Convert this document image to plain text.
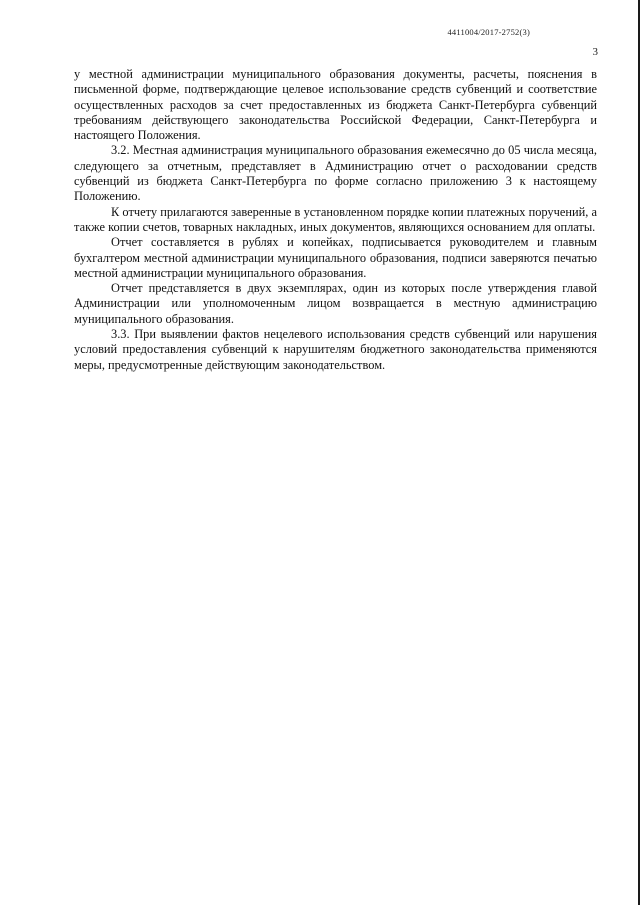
4411004/2017-2752(3)
3

у местной администрации муниципального образования документы, расчеты, пояснения в письменной форме, подтверждающие целевое использование средств субвенций и соответствие осуществленных расходов за счет предоставленных из бюджета Санкт-Петербурга субвенций требованиям действующего законодательства Российской Федерации, Санкт-Петербурга и настоящего Положения.

3.2. Местная администрация муниципального образования ежемесячно до 05 числа месяца, следующего за отчетным, представляет в Администрацию отчет о расходовании средств субвенций из бюджета Санкт-Петербурга по форме согласно приложению 3 к настоящему Положению.

К отчету прилагаются заверенные в установленном порядке копии платежных поручений, а также копии счетов, товарных накладных, иных документов, являющихся основанием для оплаты.

Отчет составляется в рублях и копейках, подписывается руководителем и главным бухгалтером местной администрации муниципального образования, подписи заверяются печатью местной администрации муниципального образования.

Отчет представляется в двух экземплярах, один из которых после утверждения главой Администрации или уполномоченным лицом возвращается в местную администрацию муниципального образования.

3.3. При выявлении фактов нецелевого использования средств субвенций или нарушения условий предоставления субвенций к нарушителям бюджетного законодательства применяются меры, предусмотренные действующим законодательством.
